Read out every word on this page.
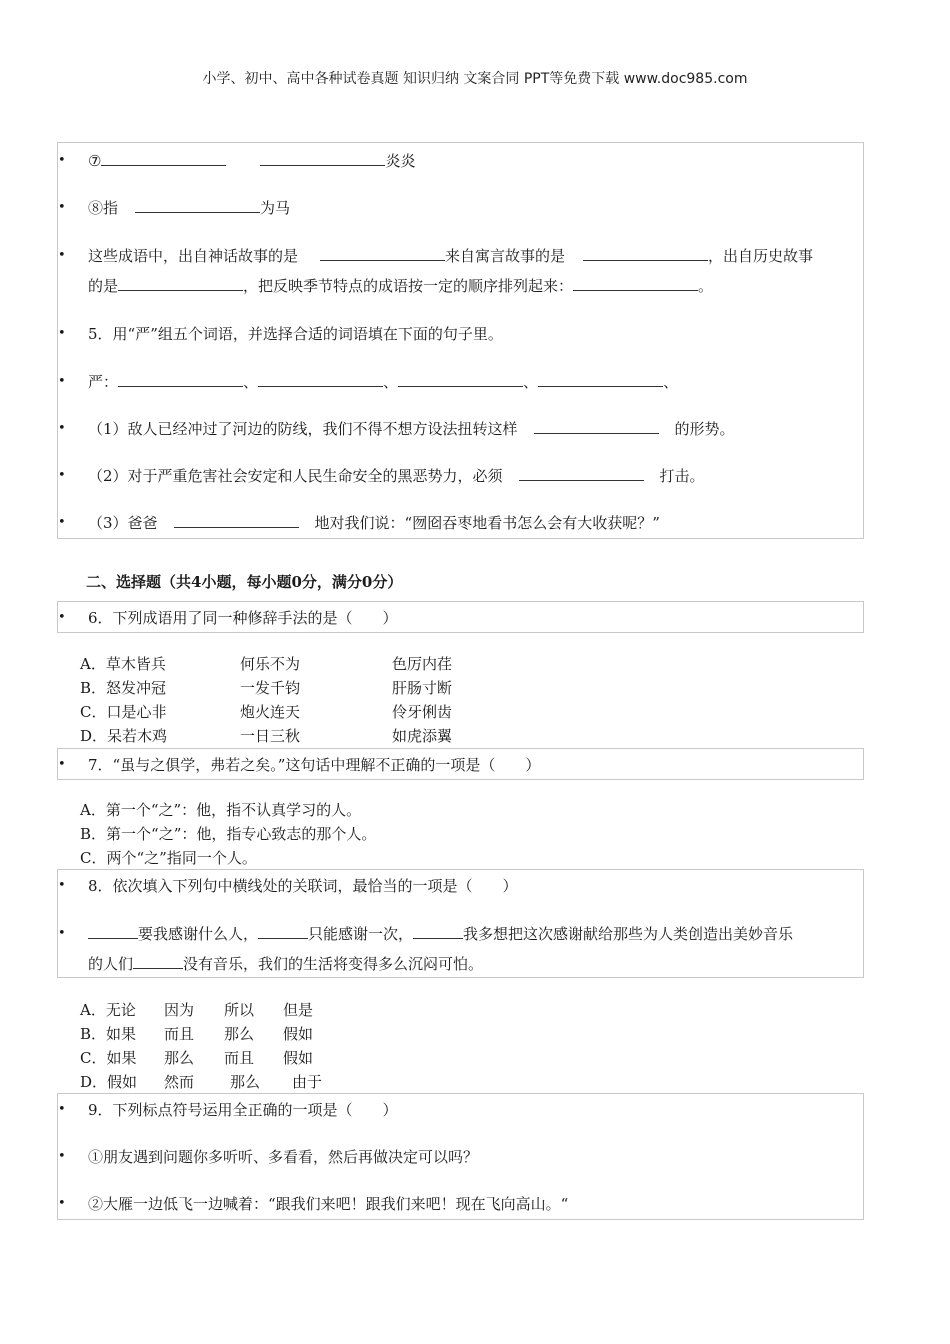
小学、初中、高中各种试卷真题 知识归纳 文案合同 PPT等免费下载 www.doc985.com
• ⑦	炎炎
• ⑧指	为马
• 这些成语中，出自神话故事的是	来自寓言故事的是	，出自历史故事
的是	，把反映季节特点的成语按一定的顺序排列起来：	。
• 5．用“严”组五个词语，并选择合适的词语填在下面的句子里。
• 严：	、	、	、	、
• （1）敌人已经冲过了河边的防线，我们不得不想方设法扭转这样	的形势。
• （2）对于严重危害社会安定和人民生命安全的黑恶势力，必须	打击。
• （3）爸爸	地对我们说：“囫囵吞枣地看书怎么会有大收获呢？”
二、选择题（共4小题，每小题0分，满分0分）
• 6．下列成语用了同一种修辞手法的是（　　）
A．草木皆兵	何乐不为	色厉内荏
B．怒发冲冠	一发千钧	肝肠寸断
C．口是心非	炮火连天	伶牙俐齿
D．呆若木鸡	一日三秋	如虎添翼
• 7．“虽与之俱学，弗若之矣。”这句话中理解不正确的一项是（　　）
A．第一个“之”：他，指不认真学习的人。
B．第一个“之”：他，指专心致志的那个人。
C．两个“之”指同一个人。
• 8．依次填入下列句中横线处的关联词，最恰当的一项是（　　）
• 要我感谢什么人，	只能感谢一次，	我多想把这次感谢献给那些为人类创造出美妙音乐
的人们	没有音乐，我们的生活将变得多么沉闷可怕。
A．无论 因为 所以 但是
B．如果 而且 那么 假如
C．如果 那么 而且 假如
D．假如 然而 那么 由于
• 9．下列标点符号运用全正确的一项是（　　）
• ①朋友遇到问题你多听听、多看看，然后再做决定可以吗？
• ②大雁一边低飞一边喊着：“跟我们来吧！跟我们来吧！现在飞向高山。“
